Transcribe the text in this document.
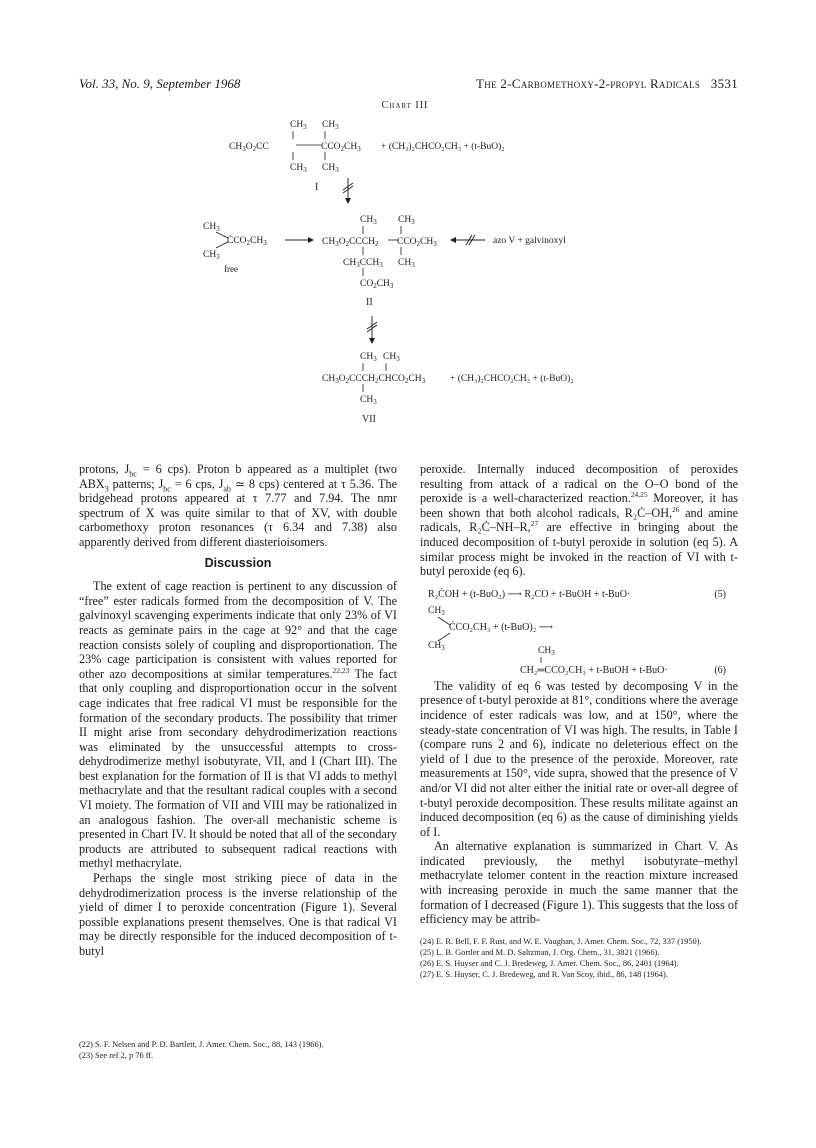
Vol. 33, No. 9, September 1968	The 2-Carbomethoxy-2-propyl Radicals 3531
Chart III
$CH_3$ $CH_3$
$CH_3O_2CC$	$CCO_2CH_3$
$CH_3$ $CH_3$
+ (CH₃)₂CHCO₂CH₃ + (t-BuO)₂
I
$CH_3$
$ĊCO_2CH_3$
$CH_3$
free
$CH_3$ $CH_3$
$CH_3O_2CCCH_2$ $CCO_2CH_3$
$CH_3CCH_3$ $CH_3$
$CO_2CH_3$
II
azo V + galvinoxyl
$CH_3$ $CH_3$
$CH_3O_2CCCH_2CHCO_2CH_3$	+ (CH₃)₂CHCO₂CH₃ + (t-BuO)₂
$CH_3$
VII

protons, $J_{bc} = 6$ cps). Proton b appeared as a multiplet (two $ABX_3$ patterns; $J_{bc} = 6$ cps, $J_{ab}$ ≃ 8 cps) centered at τ 5.36. The bridgehead protons appeared at τ 7.77 and 7.94. The nmr spectrum of X was quite similar to that of XV, with double carbomethoxy proton resonances (τ 6.34 and 7.38) also apparently derived from different diasterioisomers.

Discussion

The extent of cage reaction is pertinent to any discussion of “free” ester radicals formed from the decomposition of V. The galvinoxyl scavenging experiments indicate that only 23% of VI reacts as geminate pairs in the cage at 92° and that the cage reaction consists solely of coupling and disproportionation. The 23% cage participation is consistent with values reported for other azo decompositions at similar temperatures.$^{22,23}$ The fact that only coupling and disproportionation occur in the solvent cage indicates that free radical VI must be responsible for the formation of the secondary products. The possibility that trimer II might arise from secondary dehydrodimerization reactions was eliminated by the unsuccessful attempts to cross-dehydrodimerize methyl isobutyrate, VII, and I (Chart III). The best explanation for the formation of II is that VI adds to methyl methacrylate and that the resultant radical couples with a second VI moiety. The formation of VII and VIII may be rationalized in an analogous fashion. The over-all mechanistic scheme is presented in Chart IV. It should be noted that all of the secondary products are attributed to subsequent radical reactions with methyl methacrylate.

Perhaps the single most striking piece of data in the dehydrodimerization process is the inverse relationship of the yield of dimer I to peroxide concentration (Figure 1). Several possible explanations present themselves. One is that radical VI may be directly responsible for the induced decomposition of t-butyl

peroxide. Internally induced decomposition of peroxides resulting from attack of a radical on the O–O bond of the peroxide is a well-characterized reaction.$^{24,25}$ Moreover, it has been shown that both alcohol radicals, R₂Ċ–OH,$^{26}$ and amine radicals, R₂Ċ–NH–R,$^{27}$ are effective in bringing about the induced decomposition of t-butyl peroxide in solution (eq 5). A similar process might be invoked in the reaction of VI with t-butyl peroxide (eq 6).

R₂ĊOH + (t-BuO₂) ⟶ R₂CO + t-BuOH + t-BuO·	(5)
$CH_3$
ĊCO₂CH₃ + (t-BuO)₂ ⟶
$CH_3$	$CH_3$
CH₂═CCO₂CH₃ + t-BuOH + t-BuO·	(6)

The validity of eq 6 was tested by decomposing V in the presence of t-butyl peroxide at 81°, conditions where the average incidence of ester radicals was low, and at 150°, where the steady-state concentration of VI was high. The results, in Table I (compare runs 2 and 6), indicate no deleterious effect on the yield of I due to the presence of the peroxide. Moreover, rate measurements at 150°, vide supra, showed that the presence of V and/or VI did not alter either the initial rate or over-all degree of t-butyl peroxide decomposition. These results militate against an induced decomposition (eq 6) as the cause of diminishing yields of I.

An alternative explanation is summarized in Chart V. As indicated previously, the methyl isobutyrate–methyl methacrylate telomer content in the reaction mixture increased with increasing peroxide in much the same manner that the formation of I decreased (Figure 1). This suggests that the loss of efficiency may be attrib-

(24) E. R. Bell, F. F. Rust, and W. E. Vaughan, J. Amer. Chem. Soc., 72, 337 (1950).
(25) L. B. Gortler and M. D. Saltzman, J. Org. Chem., 31, 3821 (1966).
(26) E. S. Huyser and C. J. Bredeweg, J. Amer. Chem. Soc., 86, 2401 (1964).
(27) E. S. Huyser, C. J. Bredeweg, and R. Van Scoy, ibid., 86, 148 (1964).
(22) S. F. Nelsen and P. D. Bartlett, J. Amer. Chem. Soc., 88, 143 (1966).
(23) See ref 2, p 76 ff.
